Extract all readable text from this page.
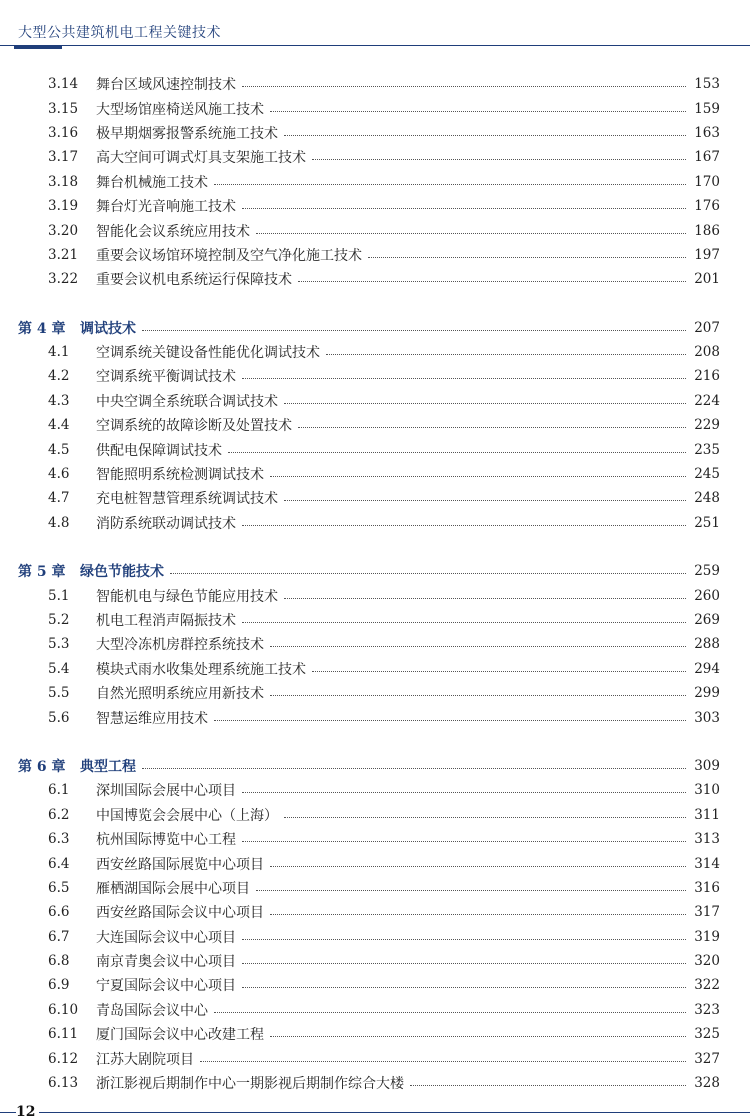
大型公共建筑机电工程关键技术
3.14	舞台区域风速控制技术	153
3.15	大型场馆座椅送风施工技术	159
3.16	极早期烟雾报警系统施工技术	163
3.17	高大空间可调式灯具支架施工技术	167
3.18	舞台机械施工技术	170
3.19	舞台灯光音响施工技术	176
3.20	智能化会议系统应用技术	186
3.21	重要会议场馆环境控制及空气净化施工技术	197
3.22	重要会议机电系统运行保障技术	201
第 4 章	调试技术	207
4.1	空调系统关键设备性能优化调试技术	208
4.2	空调系统平衡调试技术	216
4.3	中央空调全系统联合调试技术	224
4.4	空调系统的故障诊断及处置技术	229
4.5	供配电保障调试技术	235
4.6	智能照明系统检测调试技术	245
4.7	充电桩智慧管理系统调试技术	248
4.8	消防系统联动调试技术	251
第 5 章	绿色节能技术	259
5.1	智能机电与绿色节能应用技术	260
5.2	机电工程消声隔振技术	269
5.3	大型冷冻机房群控系统技术	288
5.4	模块式雨水收集处理系统施工技术	294
5.5	自然光照明系统应用新技术	299
5.6	智慧运维应用技术	303
第 6 章	典型工程	309
6.1	深圳国际会展中心项目	310
6.2	中国博览会会展中心（上海）	311
6.3	杭州国际博览中心工程	313
6.4	西安丝路国际展览中心项目	314
6.5	雁栖湖国际会展中心项目	316
6.6	西安丝路国际会议中心项目	317
6.7	大连国际会议中心项目	319
6.8	南京青奥会议中心项目	320
6.9	宁夏国际会议中心项目	322
6.10	青岛国际会议中心	323
6.11	厦门国际会议中心改建工程	325
6.12	江苏大剧院项目	327
6.13	浙江影视后期制作中心一期影视后期制作综合大楼	328
12
